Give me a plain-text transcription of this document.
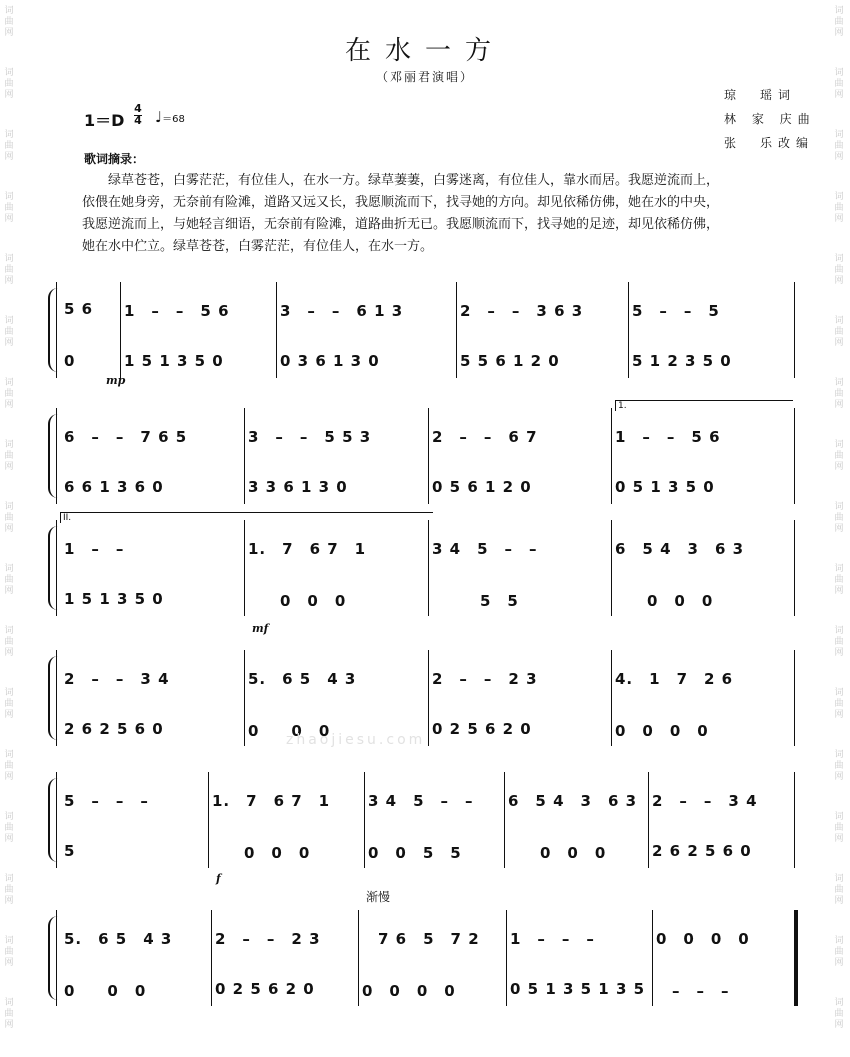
词
曲
网
词
曲
网
词
曲
网
词
曲
网
词
曲
网
词
曲
网
词
曲
网
词
曲
网
词
曲
网
词
曲
网
词
曲
网
词
曲
网
词
曲
网
词
曲
网
词
曲
网
词
曲
网
词
曲
网
词
曲
网
词
曲
网
词
曲
网
词
曲
网
词
曲
网
词
曲
网
词
曲
网
词
曲
网
词
曲
网
词
曲
网
词
曲
网
词
曲
网
词
曲
网
词
曲
网
词
曲
网
词
曲
网
词
曲
网
在水一方
（邓丽君演唱）
琼　瑶词
林 家 庆曲
张　乐改编
1＝D
4
4 ♩＝68
歌词摘录：
绿草苍苍，白雾茫茫，有位佳人，在水一方。绿草萋萋，白雾迷离，有位佳人，靠水而居。我愿逆流而上，
依偎在她身旁，无奈前有险滩，道路又远又长，我愿顺流而下，找寻她的方向。却见依稀仿佛，她在水的中央，
我愿逆流而上，与她轻言细语，无奈前有险滩，道路曲折无已。我愿顺流而下，找寻她的足迹，却见依稀仿佛，
她在水中伫立。绿草苍苍，白雾茫茫，有位佳人，在水一方。
5 6
0
1　–　–　5 6
1 5 1 3 5 0
3　–　–　6 1 3
0 3 6 1 3 0
2　–　–　3 6 3
5 5 6 1 2 0
5　–　–　5
5 1 2 3 5 0
mp
6　–　–　7 6 5
6 6 1 3 6 0
3　–　–　5 5 3
3 3 6 1 3 0
2　–　–　6 7
0 5 6 1 2 0
1　–　–　5 6
0 5 1 3 5 0
1.
1　–　–
1 5 1 3 5 0
1.　7　6 7　1
　　0　0　0
3 4　5　–　–
　　　5　5
6　5 4　3　6 3
　　0　0　0
II.
mf
2　–　–　3 4
2 6 2 5 6 0
5.　6 5　4 3
0　　0　0
2　–　–　2 3
0 2 5 6 2 0
4.　1　7　2 6
0　0　0　0
5　–　–　–
5
1.　7　6 7　1
　　0　0　0
3 4　5　–　–
0　0　5　5
6　5 4　3　6 3
　　0　0　0
2　–　–　3 4
2 6 2 5 6 0
f
5.　6 5　4 3
0　　0　0
2　–　–　2 3
0 2 5 6 2 0
　7 6　5　7 2
0　0　0　0
1　–　–　–
0 5 1 3 5 1 3 5
0　0　0　0
　–　–　–
渐慢
zhaojiesu.com
